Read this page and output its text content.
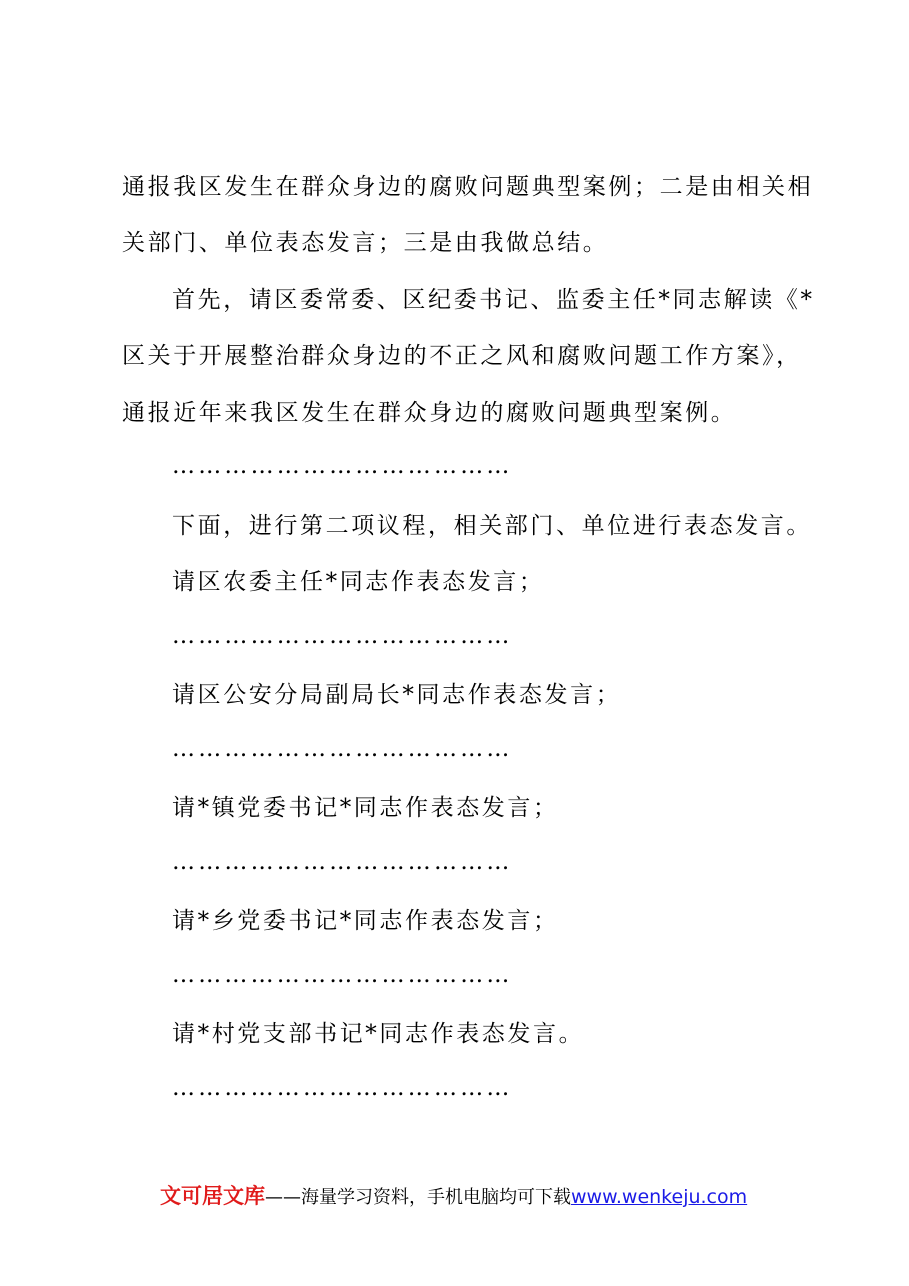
通报我区发生在群众身边的腐败问题典型案例；二是由相关相
关部门、单位表态发言；三是由我做总结。
首先，请区委常委、区纪委书记、监委主任*同志解读《*
区关于开展整治群众身边的不正之风和腐败问题工作方案》，
通报近年来我区发生在群众身边的腐败问题典型案例。
…………………………………
下面，进行第二项议程，相关部门、单位进行表态发言。
请区农委主任*同志作表态发言；
…………………………………
请区公安分局副局长*同志作表态发言；
…………………………………
请*镇党委书记*同志作表态发言；
…………………………………
请*乡党委书记*同志作表态发言；
…………………………………
请*村党支部书记*同志作表态发言。
…………………………………
文可居文库——海量学习资料，手机电脑均可下载www.wenkeju.com
